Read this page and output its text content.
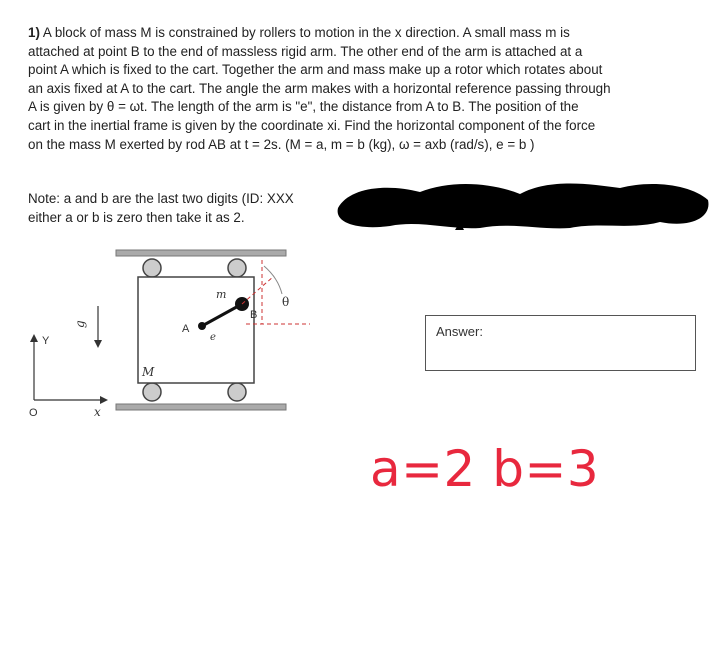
1) A block of mass M is constrained by rollers to motion in the x direction. A small mass m is
attached at point B to the end of massless rigid arm. The other end of the arm is attached at a
point A which is fixed to the cart. Together the arm and mass make up a rotor which rotates about
an axis fixed at A to the cart. The angle the arm makes with a horizontal reference passing through
A is given by θ = ωt. The length of the arm is "e", the distance from A to B. The position of the
cart in the inertial frame is given by the coordinate xi. Find the horizontal component of the force
on the mass M exerted by rod AB at t = 2s. (M = a, m = b (kg), ω = axb (rad/s), e = b )
Note: a and b are the last two digits (ID: XXX
either a or b is zero then take it as 2.
m
B
A
e
θ
M
g
Y
O	x
Answer:
a=2 b=3
